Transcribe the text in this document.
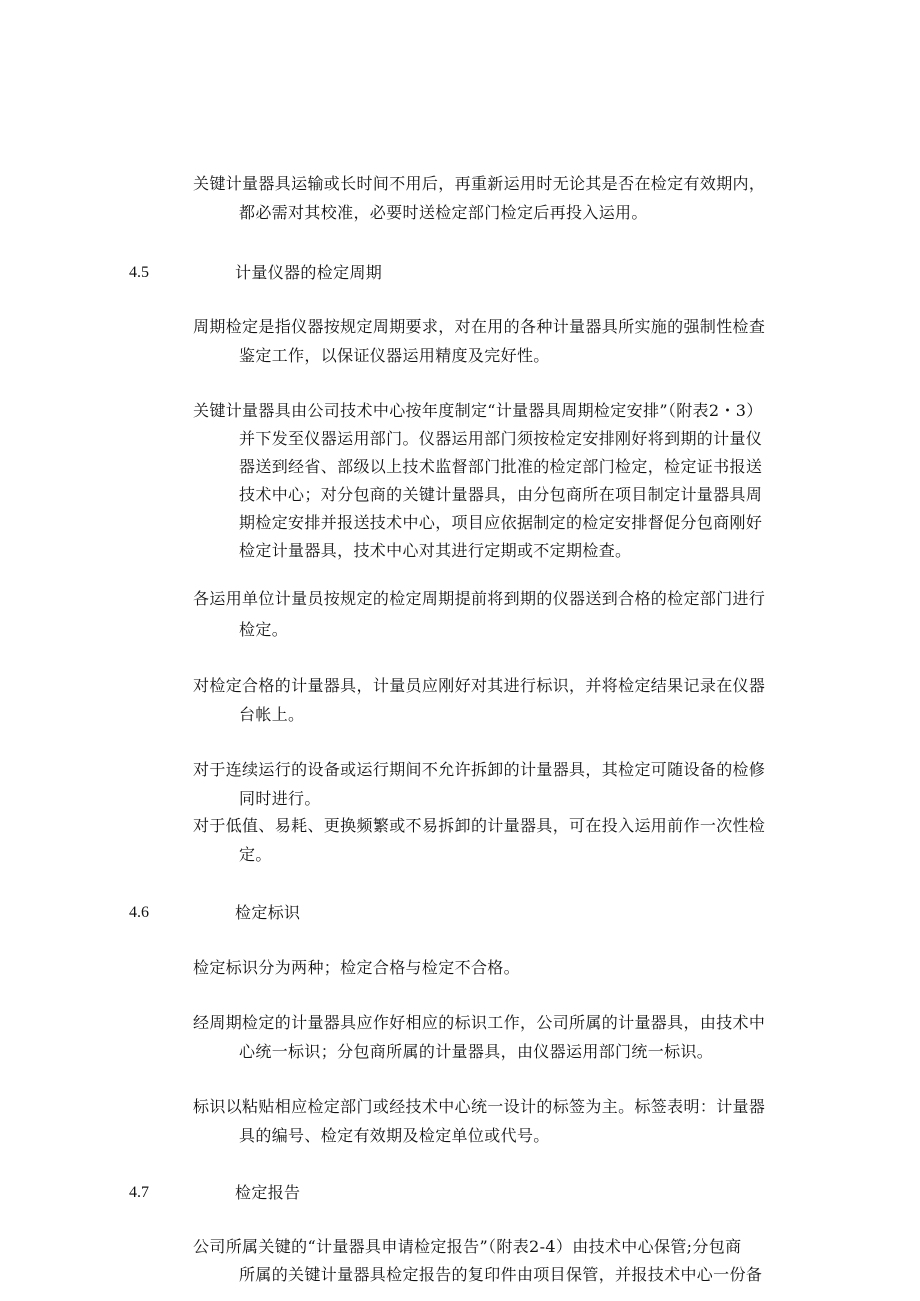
关键计量器具运输或长时间不用后，再重新运用时无论其是否在检定有效期内，
都必需对其校准，必要时送检定部门检定后再投入运用。
4.5	计量仪器的检定周期
周期检定是指仪器按规定周期要求，对在用的各种计量器具所实施的强制性检查
鉴定工作，以保证仪器运用精度及完好性。
关键计量器具由公司技术中心按年度制定“计量器具周期检定安排”（附表2・3）
并下发至仪器运用部门。仪器运用部门须按检定安排刚好将到期的计量仪
器送到经省、部级以上技术监督部门批准的检定部门检定，检定证书报送
技术中心；对分包商的关键计量器具，由分包商所在项目制定计量器具周
期检定安排并报送技术中心，项目应依据制定的检定安排督促分包商刚好
检定计量器具，技术中心对其进行定期或不定期检查。
各运用单位计量员按规定的检定周期提前将到期的仪器送到合格的检定部门进行
检定。
对检定合格的计量器具，计量员应刚好对其进行标识，并将检定结果记录在仪器
台帐上。
对于连续运行的设备或运行期间不允许拆卸的计量器具，其检定可随设备的检修
同时进行。
对于低值、易耗、更换频繁或不易拆卸的计量器具，可在投入运用前作一次性检
定。
4.6	检定标识
检定标识分为两种；检定合格与检定不合格。
经周期检定的计量器具应作好相应的标识工作，公司所属的计量器具，由技术中
心统一标识；分包商所属的计量器具，由仪器运用部门统一标识。
标识以粘贴相应检定部门或经技术中心统一设计的标签为主。标签表明：计量器
具的编号、检定有效期及检定单位或代号。
4.7	检定报告
公司所属关键的“计量器具申请检定报告”（附表2-4）由技术中心保管;分包商
所属的关键计量器具检定报告的复印件由项目保管，并报技术中心一份备
